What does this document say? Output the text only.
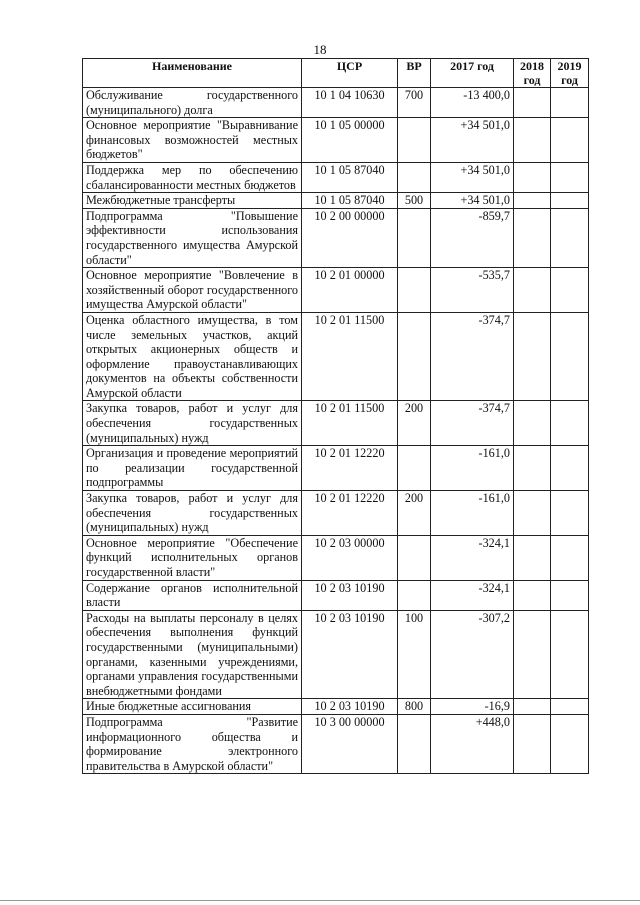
18
Наименование	ЦСР	ВР	2017 год	2018 год	2019 год
Обслуживание государственного (муниципального) долга	10 1 04 10630	700	-13 400,0		
Основное мероприятие "Выравнивание финансовых возможностей местных бюджетов"	10 1 05 00000		+34 501,0		
Поддержка мер по обеспечению сбалансированности местных бюджетов	10 1 05 87040		+34 501,0		
Межбюджетные трансферты	10 1 05 87040	500	+34 501,0		
Подпрограмма "Повышение эффективности использования государственного имущества Амурской области"	10 2 00 00000		-859,7		
Основное мероприятие "Вовлечение в хозяйственный оборот государственного имущества Амурской области"	10 2 01 00000		-535,7		
Оценка областного имущества, в том числе земельных участков, акций открытых акционерных обществ и оформление правоустанавливающих документов на объекты собственности Амурской области	10 2 01 11500		-374,7		
Закупка товаров, работ и услуг для обеспечения государственных (муниципальных) нужд	10 2 01 11500	200	-374,7		
Организация и проведение мероприятий по реализации государственной подпрограммы	10 2 01 12220		-161,0		
Закупка товаров, работ и услуг для обеспечения государственных (муниципальных) нужд	10 2 01 12220	200	-161,0		
Основное мероприятие "Обеспечение функций исполнительных органов государственной власти"	10 2 03 00000		-324,1		
Содержание органов исполнительной власти	10 2 03 10190		-324,1		
Расходы на выплаты персоналу в целях обеспечения выполнения функций государственными (муниципальными) органами, казенными учреждениями, органами управления государственными внебюджетными фондами	10 2 03 10190	100	-307,2		
Иные бюджетные ассигнования	10 2 03 10190	800	-16,9		
Подпрограмма "Развитие информационного общества и формирование электронного правительства в Амурской области"	10 3 00 00000		+448,0		
